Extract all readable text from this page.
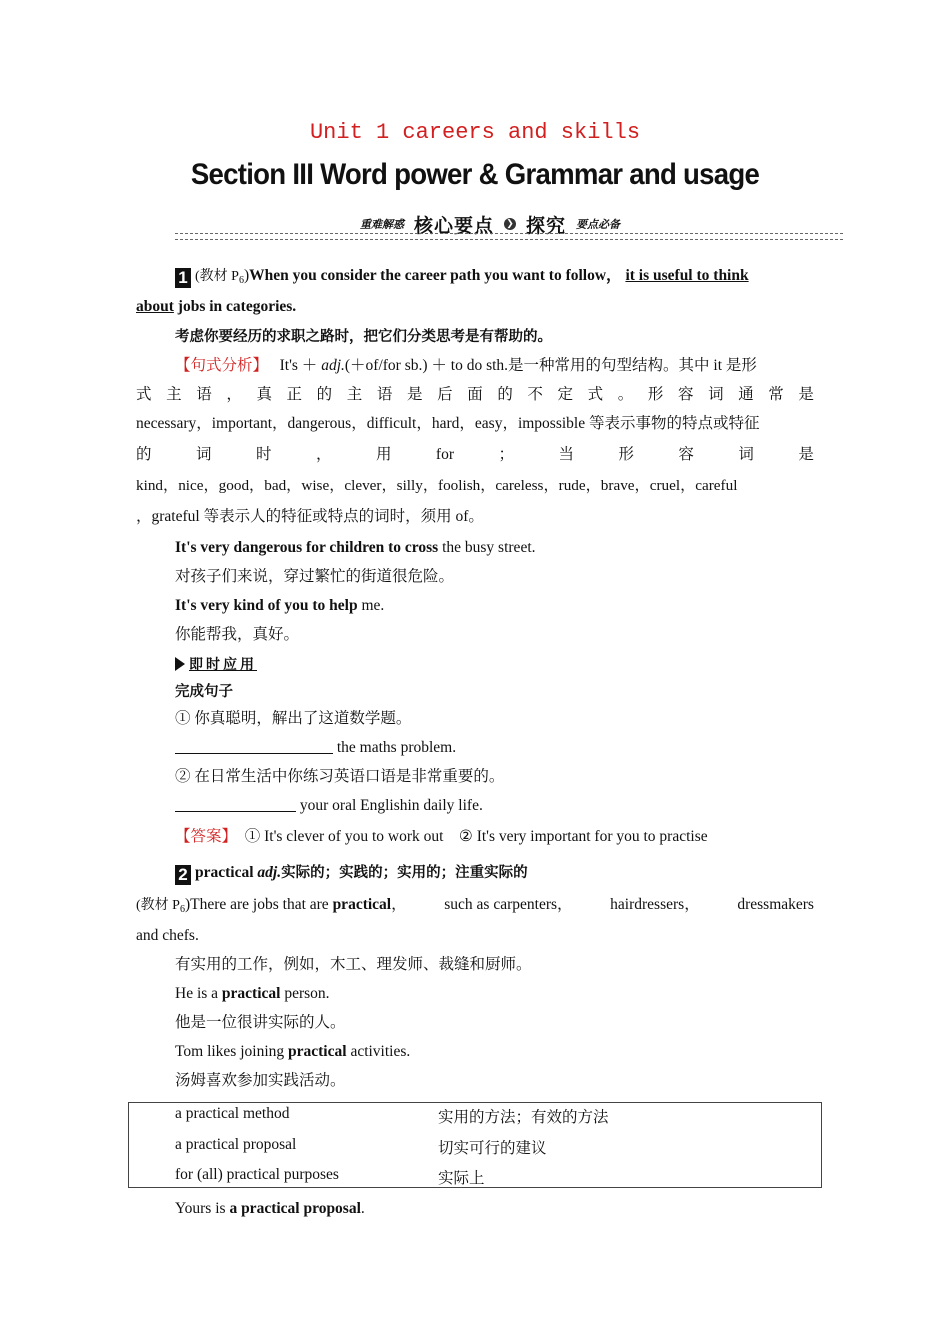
Unit 1 careers and skills
Section III Word power & Grammar and usage
重难解惑 核心要点 ❯ 探究 要点必备
1 (教材 $P_6)When$ you consider the career path you want to follow， it is useful to think
about jobs in categories.
考虑你要经历的求职之路时，把它们分类思考是有帮助的。
【句式分析】 It's ＋ adj.(＋of/for sb.) ＋ to do sth.是一种常用的句型结构。其中 it 是形
式 主 语 ， 真 正 的 主 语 是 后 面 的 不 定 式 。 形 容 词 通 常 是
necessary，important，dangerous，difficult，hard，easy，impossible 等表示事物的特点或特征
的	词	时	，	用	for	；	当	形	容	词	是
kind，nice，good，bad，wise，clever，silly，foolish，careless，rude，brave，cruel，careful
，grateful 等表示人的特征或特点的词时，须用 of。
It's very dangerous for children to cross the busy street.
对孩子们来说，穿过繁忙的街道很危险。
It's very kind of you to help me.
你能帮我，真好。
即时应用
完成句子
① 你真聪明，解出了这道数学题。
the maths problem.
② 在日常生活中你练习英语口语是非常重要的。
your oral Englishin daily life.
【答案】  ① It's clever of you to work out    ② It's very important for you to practise
2 practical adj.实际的；实践的；实用的；注重实际的
(教材 $P_6)There$ are jobs that are practical， such as carpenters， hairdressers， dressmakers
and chefs.
有实用的工作，例如，木工、理发师、裁缝和厨师。
He is a practical person.
他是一位很讲实际的人。
Tom likes joining practical activities.
汤姆喜欢参加实践活动。
a practical method	实用的方法；有效的方法
a practical proposal	切实可行的建议
for (all) practical purposes	实际上
Yours is a practical proposal.
